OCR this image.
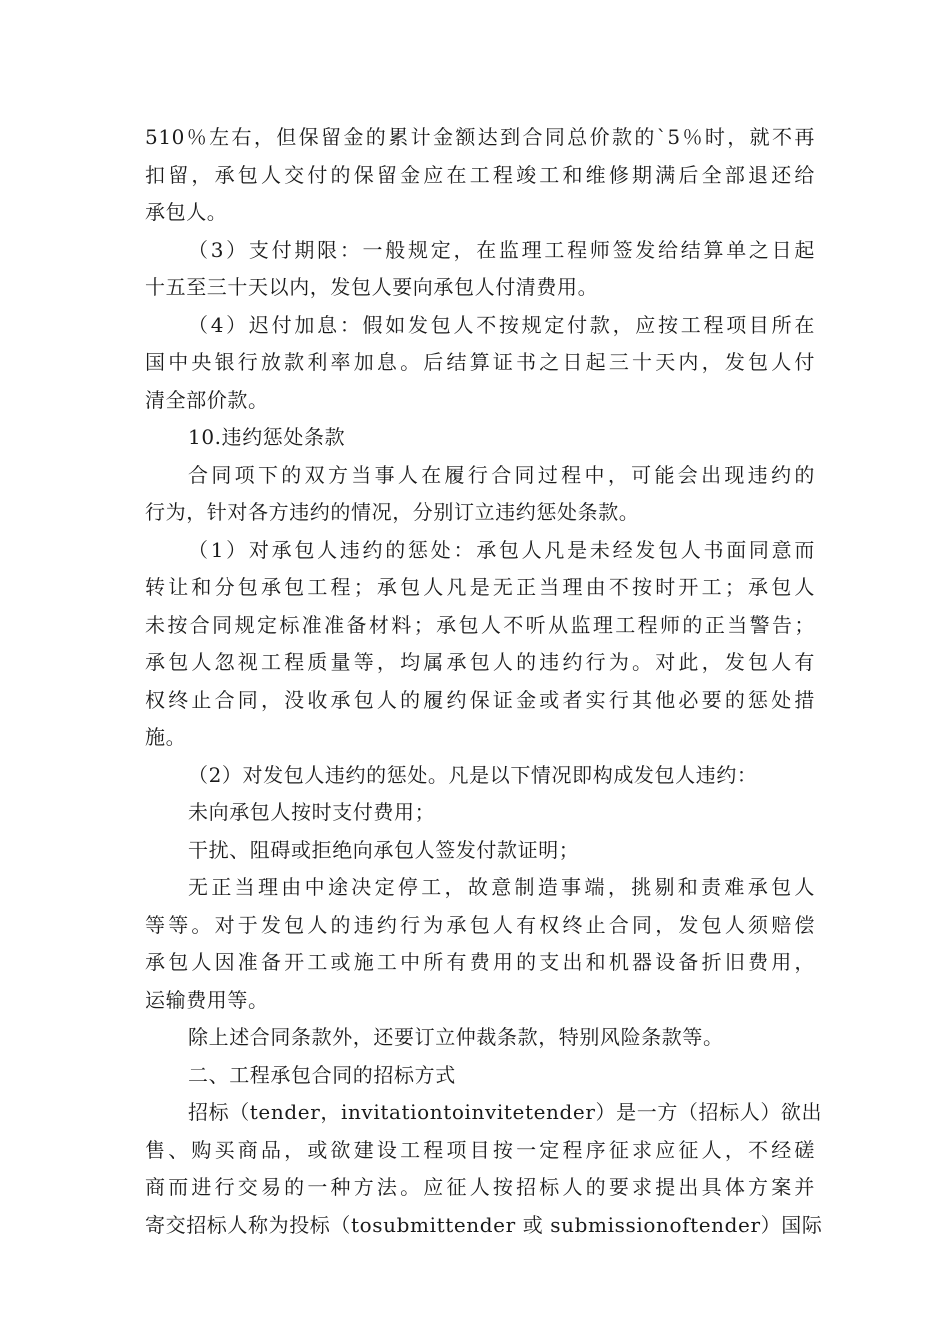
510％左右，但保留金的累计金额达到合同总价款的`5％时，就不再
扣留，承包人交付的保留金应在工程竣工和维修期满后全部退还给
承包人。

（3）支付期限：一般规定，在监理工程师签发给结算单之日起
十五至三十天以内，发包人要向承包人付清费用。

（4）迟付加息：假如发包人不按规定付款，应按工程项目所在
国中央银行放款利率加息。后结算证书之日起三十天内，发包人付
清全部价款。

10.违约惩处条款

合同项下的双方当事人在履行合同过程中，可能会出现违约的
行为，针对各方违约的情况，分别订立违约惩处条款。

（1）对承包人违约的惩处：承包人凡是未经发包人书面同意而
转让和分包承包工程；承包人凡是无正当理由不按时开工；承包人
未按合同规定标准准备材料；承包人不听从监理工程师的正当警告；
承包人忽视工程质量等，均属承包人的违约行为。对此，发包人有
权终止合同，没收承包人的履约保证金或者实行其他必要的惩处措
施。

（2）对发包人违约的惩处。凡是以下情况即构成发包人违约：

未向承包人按时支付费用；

干扰、阻碍或拒绝向承包人签发付款证明；

无正当理由中途决定停工，故意制造事端，挑剔和责难承包人
等等。对于发包人的违约行为承包人有权终止合同，发包人须赔偿
承包人因准备开工或施工中所有费用的支出和机器设备折旧费用，
运输费用等。

除上述合同条款外，还要订立仲裁条款，特别风险条款等。

二、工程承包合同的招标方式

招标（tender，invitationtoinvitetender）是一方（招标人）欲出
售、购买商品，或欲建设工程项目按一定程序征求应征人，不经磋
商而进行交易的一种方法。应征人按招标人的要求提出具体方案并
寄交招标人称为投标（tosubmittender 或 submissionoftender）国际
